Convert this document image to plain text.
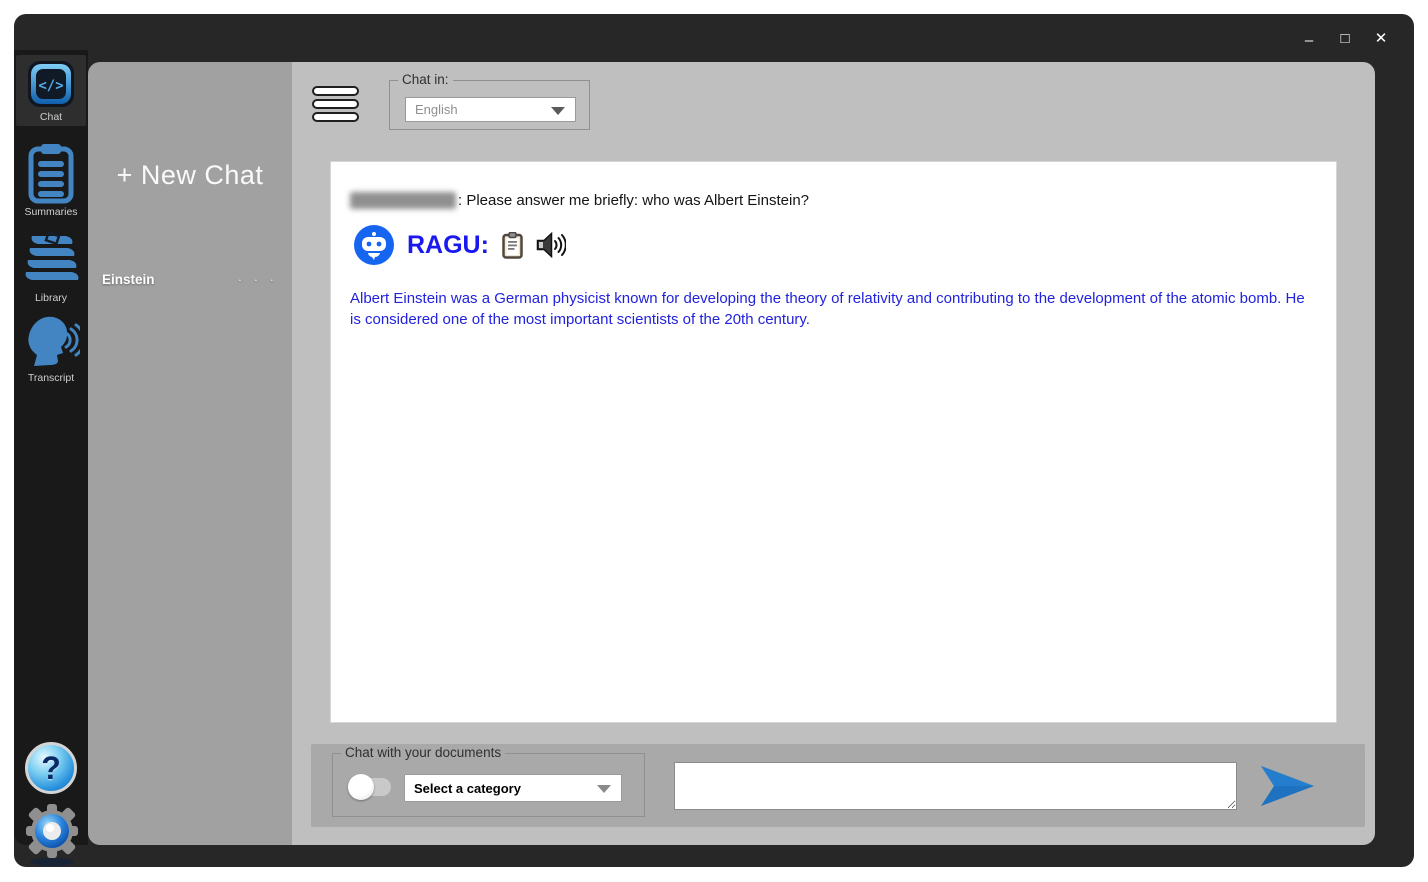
–	□ ✕
</>
Chat
Summaries
Library
Transcript
?
+ New Chat
Einstein	· · ·
Chat in:
English
: Please answer me briefly: who was Albert Einstein?
RAGU:
Albert Einstein was a German physicist known for developing the theory of relativity and contributing to the development of the atomic bomb. He is considered one of the most important scientists of the 20th century.
Chat with your documents
Select a category
